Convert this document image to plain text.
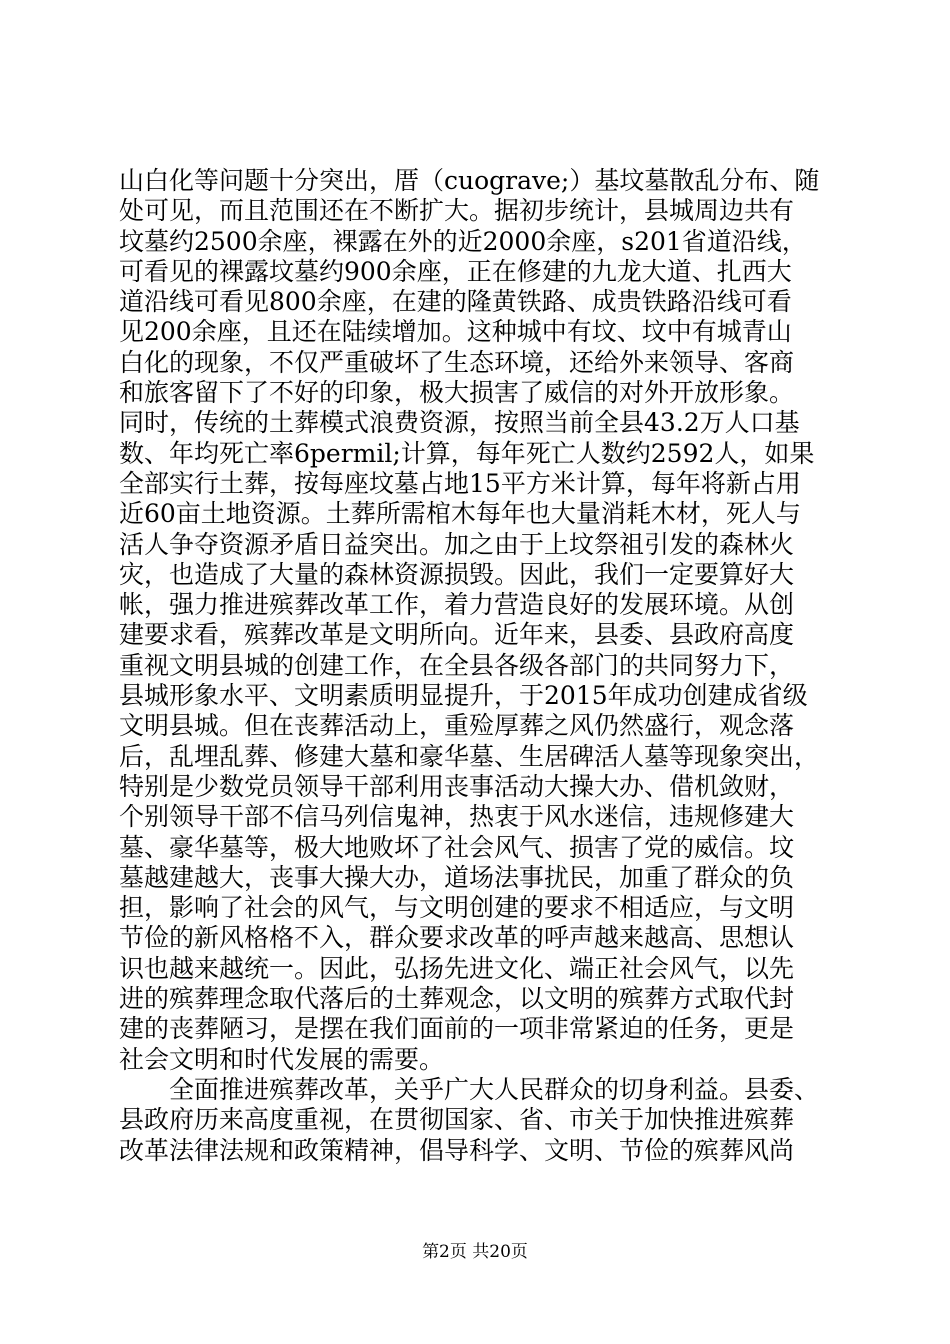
山白化等问题十分突出，厝（cuograve;）基坟墓散乱分布、随
处可见，而且范围还在不断扩大。据初步统计，县城周边共有
坟墓约2500余座，裸露在外的近2000余座，s201省道沿线，
可看见的裸露坟墓约900余座，正在修建的九龙大道、扎西大
道沿线可看见800余座，在建的隆黄铁路、成贵铁路沿线可看
见200余座，且还在陆续增加。这种城中有坟、坟中有城青山
白化的现象，不仅严重破坏了生态环境，还给外来领导、客商
和旅客留下了不好的印象，极大损害了威信的对外开放形象。
同时，传统的土葬模式浪费资源，按照当前全县43.2万人口基
数、年均死亡率6permil;计算，每年死亡人数约2592人，如果
全部实行土葬，按每座坟墓占地15平方米计算，每年将新占用
近60亩土地资源。土葬所需棺木每年也大量消耗木材，死人与
活人争夺资源矛盾日益突出。加之由于上坟祭祖引发的森林火
灾，也造成了大量的森林资源损毁。因此，我们一定要算好大
帐，强力推进殡葬改革工作，着力营造良好的发展环境。从创
建要求看，殡葬改革是文明所向。近年来，县委、县政府高度
重视文明县城的创建工作，在全县各级各部门的共同努力下，
县城形象水平、文明素质明显提升，于2015年成功创建成省级
文明县城。但在丧葬活动上，重殓厚葬之风仍然盛行，观念落
后，乱埋乱葬、修建大墓和豪华墓、生居碑活人墓等现象突出，
特别是少数党员领导干部利用丧事活动大操大办、借机敛财，
个别领导干部不信马列信鬼神，热衷于风水迷信，违规修建大
墓、豪华墓等，极大地败坏了社会风气、损害了党的威信。坟
墓越建越大，丧事大操大办，道场法事扰民，加重了群众的负
担，影响了社会的风气，与文明创建的要求不相适应，与文明
节俭的新风格格不入，群众要求改革的呼声越来越高、思想认
识也越来越统一。因此，弘扬先进文化、端正社会风气，以先
进的殡葬理念取代落后的土葬观念，以文明的殡葬方式取代封
建的丧葬陋习，是摆在我们面前的一项非常紧迫的任务，更是
社会文明和时代发展的需要。
　　全面推进殡葬改革，关乎广大人民群众的切身利益。县委、
县政府历来高度重视，在贯彻国家、省、市关于加快推进殡葬
改革法律法规和政策精神，倡导科学、文明、节俭的殡葬风尚
第2页 共20页
